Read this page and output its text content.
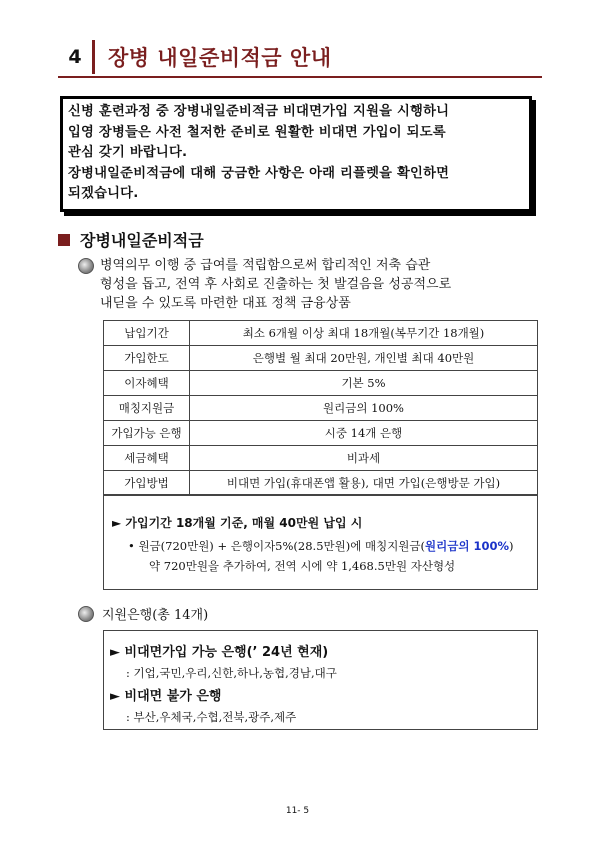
4	장병 내일준비적금 안내
신병 훈련과정 중 장병내일준비적금 비대면가입 지원을 시행하니
입영 장병들은 사전 철저한 준비로 원활한 비대면 가입이 되도록
관심 갖기 바랍니다.
장병내일준비적금에 대해 궁금한 사항은 아래 리플렛을 확인하면
되겠습니다.
장병내일준비적금
병역의무 이행 중 급여를 적립함으로써 합리적인 저축 습관
형성을 돕고, 전역 후 사회로 진출하는 첫 발걸음을 성공적으로
내딛을 수 있도록 마련한 대표 정책 금융상품
납입기간	최소 6개월 이상 최대 18개월(복무기간 18개월)
가입한도	은행별 월 최대 20만원, 개인별 최대 40만원
이자혜택	기본 5%
매칭지원금	원리금의 100%
가입가능 은행	시중 14개 은행
세금혜택	비과세
가입방법	비대면 가입(휴대폰앱 활용), 대면 가입(은행방문 가입)
► 가입기간 18개월 기준, 매월 40만원 납입 시
• 원금(720만원) + 은행이자5%(28.5만원)에 매칭지원금(원리금의 100%)
약 720만원을 추가하여, 전역 시에 약 1,468.5만원 자산형성
지원은행(총 14개)
► 비대면가입 가능 은행(’ 24년 현재)
: 기업,국민,우리,신한,하나,농협,경남,대구
► 비대면 불가 은행
: 부산,우체국,수협,전북,광주,제주
11- 5
